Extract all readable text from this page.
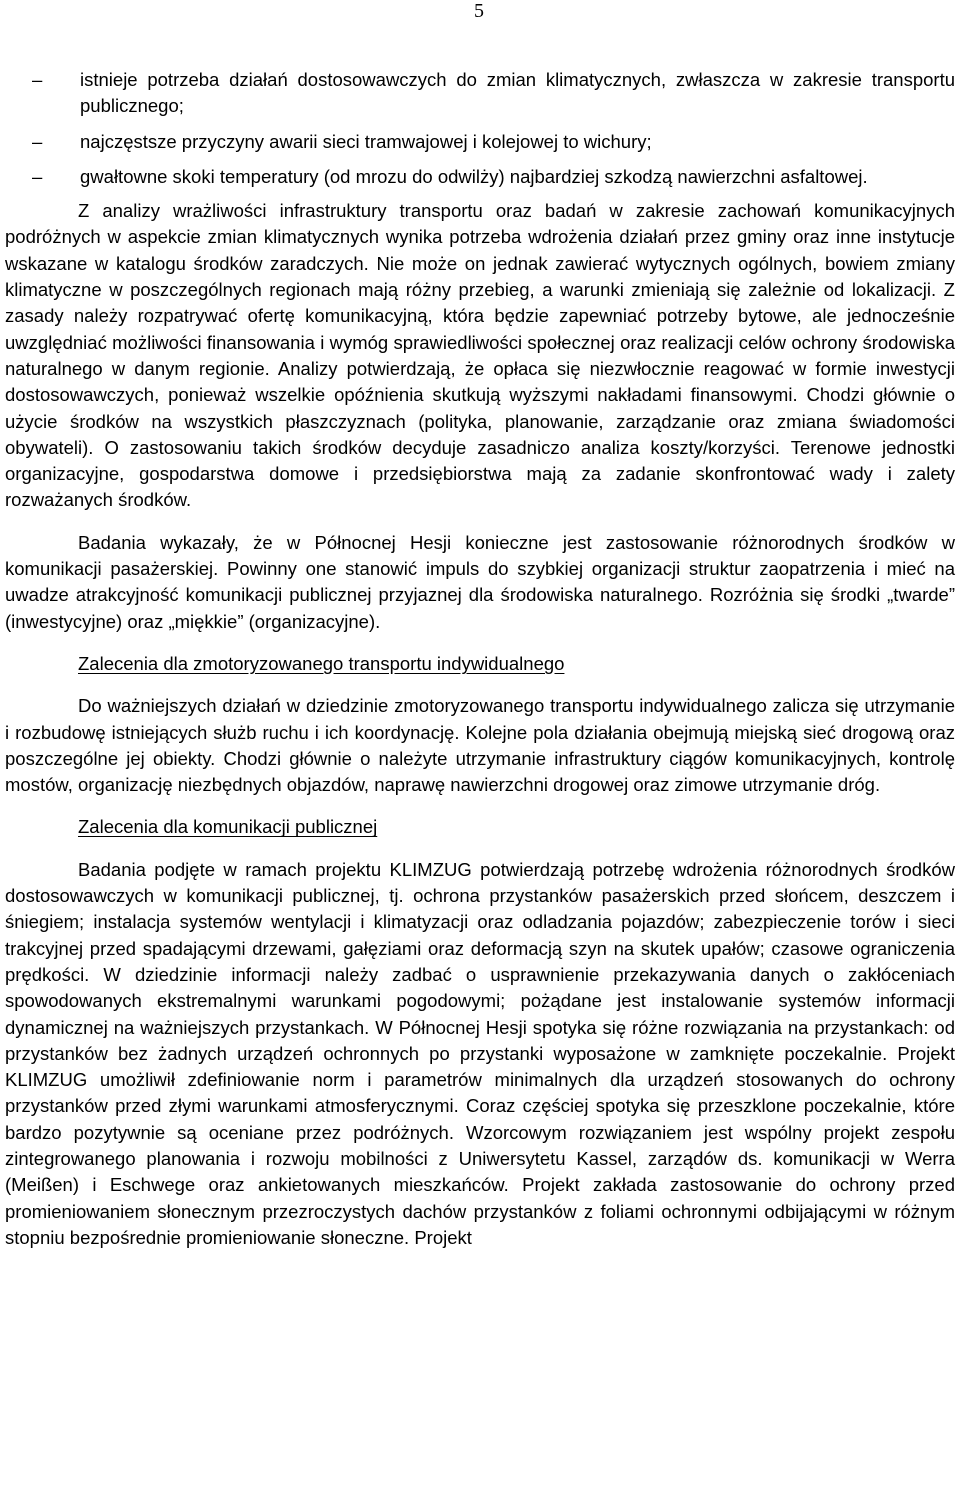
5
– istnieje potrzeba działań dostosowawczych do zmian klimatycznych, zwłaszcza w zakresie transportu publicznego;
– najczęstsze przyczyny awarii sieci tramwajowej i kolejowej to wichury;
– gwałtowne skoki temperatury (od mrozu do odwilży) najbardziej szkodzą nawierzchni asfaltowej.

Z analizy wrażliwości infrastruktury transportu oraz badań w zakresie zachowań komunikacyjnych podróżnych w aspekcie zmian klimatycznych wynika potrzeba wdrożenia działań przez gminy oraz inne instytucje wskazane w katalogu środków zaradczych. Nie może on jednak zawierać wytycznych ogólnych, bowiem zmiany klimatyczne w poszczególnych regionach mają różny przebieg, a warunki zmieniają się zależnie od lokalizacji. Z zasady należy rozpatrywać ofertę komunikacyjną, która będzie zapewniać potrzeby bytowe, ale jednocześnie uwzględniać możliwości finansowania i wymóg sprawiedliwości społecznej oraz realizacji celów ochrony środowiska naturalnego w danym regionie. Analizy potwierdzają, że opłaca się niezwłocznie reagować w formie inwestycji dostosowawczych, ponieważ wszelkie opóźnienia skutkują wyższymi nakładami finansowymi. Chodzi głównie o użycie środków na wszystkich płaszczyznach (polityka, planowanie, zarządzanie oraz zmiana świadomości obywateli). O zastosowaniu takich środków decyduje zasadniczo analiza koszty/korzyści. Terenowe jednostki organizacyjne, gospodarstwa domowe i przedsiębiorstwa mają za zadanie skonfrontować wady i zalety rozważanych środków.

Badania wykazały, że w Północnej Hesji konieczne jest zastosowanie różnorodnych środków w komunikacji pasażerskiej. Powinny one stanowić impuls do szybkiej organizacji struktur zaopatrzenia i mieć na uwadze atrakcyjność komunikacji publicznej przyjaznej dla środowiska naturalnego. Rozróżnia się środki „twarde” (inwestycyjne) oraz „miękkie” (organizacyjne).

Zalecenia dla zmotoryzowanego transportu indywidualnego

Do ważniejszych działań w dziedzinie zmotoryzowanego transportu indywidualnego zalicza się utrzymanie i rozbudowę istniejących służb ruchu i ich koordynację. Kolejne pola działania obejmują miejską sieć drogową oraz poszczególne jej obiekty. Chodzi głównie o należyte utrzymanie infrastruktury ciągów komunikacyjnych, kontrolę mostów, organizację niezbędnych objazdów, naprawę nawierzchni drogowej oraz zimowe utrzymanie dróg.

Zalecenia dla komunikacji publicznej

Badania podjęte w ramach projektu KLIMZUG potwierdzają potrzebę wdrożenia różnorodnych środków dostosowawczych w komunikacji publicznej, tj. ochrona przystanków pasażerskich przed słońcem, deszczem i śniegiem; instalacja systemów wentylacji i klimatyzacji oraz odladzania pojazdów; zabezpieczenie torów i sieci trakcyjnej przed spadającymi drzewami, gałęziami oraz deformacją szyn na skutek upałów; czasowe ograniczenia prędkości. W dziedzinie informacji należy zadbać o usprawnienie przekazywania danych o zakłóceniach spowodowanych ekstremalnymi warunkami pogodowymi; pożądane jest instalowanie systemów informacji dynamicznej na ważniejszych przystankach. W Północnej Hesji spotyka się różne rozwiązania na przystankach: od przystanków bez żadnych urządzeń ochronnych po przystanki wyposażone w zamknięte poczekalnie. Projekt KLIMZUG umożliwił zdefiniowanie norm i parametrów minimalnych dla urządzeń stosowanych do ochrony przystanków przed złymi warunkami atmosferycznymi. Coraz częściej spotyka się przeszklone poczekalnie, które bardzo pozytywnie są oceniane przez podróżnych. Wzorcowym rozwiązaniem jest wspólny projekt zespołu zintegrowanego planowania i rozwoju mobilności z Uniwersytetu Kassel, zarządów ds. komunikacji w Werra (Meißen) i Eschwege oraz ankietowanych mieszkańców. Projekt zakłada zastosowanie do ochrony przed promieniowaniem słonecznym przezroczystych dachów przystanków z foliami ochronnymi odbijającymi w różnym stopniu bezpośrednie promieniowanie słoneczne. Projekt
